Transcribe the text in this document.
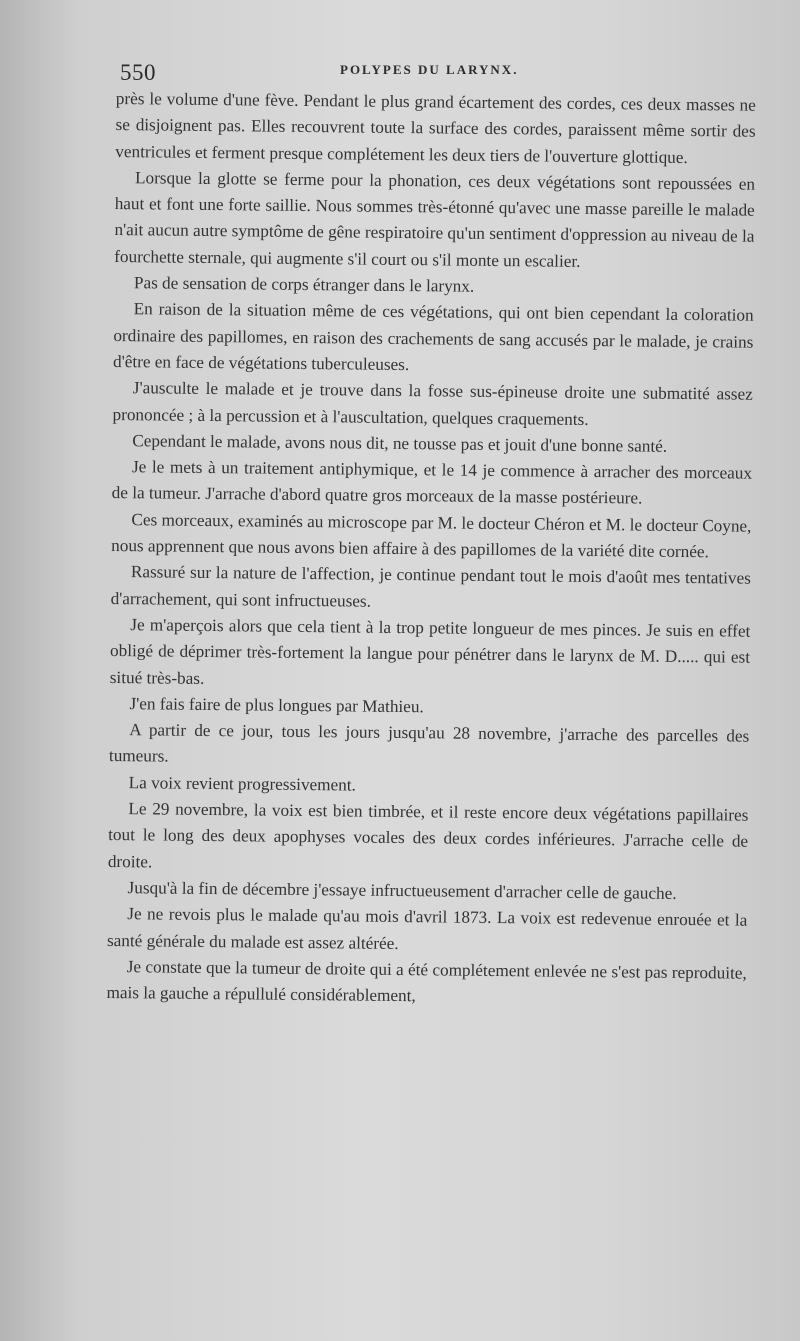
550	POLYPES DU LARYNX.

près le volume d'une fève. Pendant le plus grand écartement des cordes, ces deux masses ne se disjoignent pas. Elles recouvrent toute la surface des cordes, paraissent même sortir des ventricules et ferment presque complétement les deux tiers de l'ouverture glottique.

Lorsque la glotte se ferme pour la phonation, ces deux végétations sont repoussées en haut et font une forte saillie. Nous sommes très-étonné qu'avec une masse pareille le malade n'ait aucun autre symptôme de gêne respiratoire qu'un sentiment d'oppression au niveau de la fourchette sternale, qui augmente s'il court ou s'il monte un escalier.

Pas de sensation de corps étranger dans le larynx.

En raison de la situation même de ces végétations, qui ont bien cependant la coloration ordinaire des papillomes, en raison des crachements de sang accusés par le malade, je crains d'être en face de végétations tuberculeuses.

J'ausculte le malade et je trouve dans la fosse sus-épineuse droite une submatité assez prononcée ; à la percussion et à l'auscultation, quelques craquements.

Cependant le malade, avons nous dit, ne tousse pas et jouit d'une bonne santé.

Je le mets à un traitement antiphymique, et le 14 je commence à arracher des morceaux de la tumeur. J'arrache d'abord quatre gros morceaux de la masse postérieure.

Ces morceaux, examinés au microscope par M. le docteur Chéron et M. le docteur Coyne, nous apprennent que nous avons bien affaire à des papillomes de la variété dite cornée.

Rassuré sur la nature de l'affection, je continue pendant tout le mois d'août mes tentatives d'arrachement, qui sont infructueuses.

Je m'aperçois alors que cela tient à la trop petite longueur de mes pinces. Je suis en effet obligé de déprimer très-fortement la langue pour pénétrer dans le larynx de M. D..... qui est situé très-bas.

J'en fais faire de plus longues par Mathieu.

A partir de ce jour, tous les jours jusqu'au 28 novembre, j'arrache des parcelles des tumeurs.

La voix revient progressivement.

Le 29 novembre, la voix est bien timbrée, et il reste encore deux végétations papillaires tout le long des deux apophyses vocales des deux cordes inférieures. J'arrache celle de droite.

Jusqu'à la fin de décembre j'essaye infructueusement d'arracher celle de gauche.

Je ne revois plus le malade qu'au mois d'avril 1873. La voix est redevenue enrouée et la santé générale du malade est assez altérée.

Je constate que la tumeur de droite qui a été complétement enlevée ne s'est pas reproduite, mais la gauche a répullulé considérablement,
